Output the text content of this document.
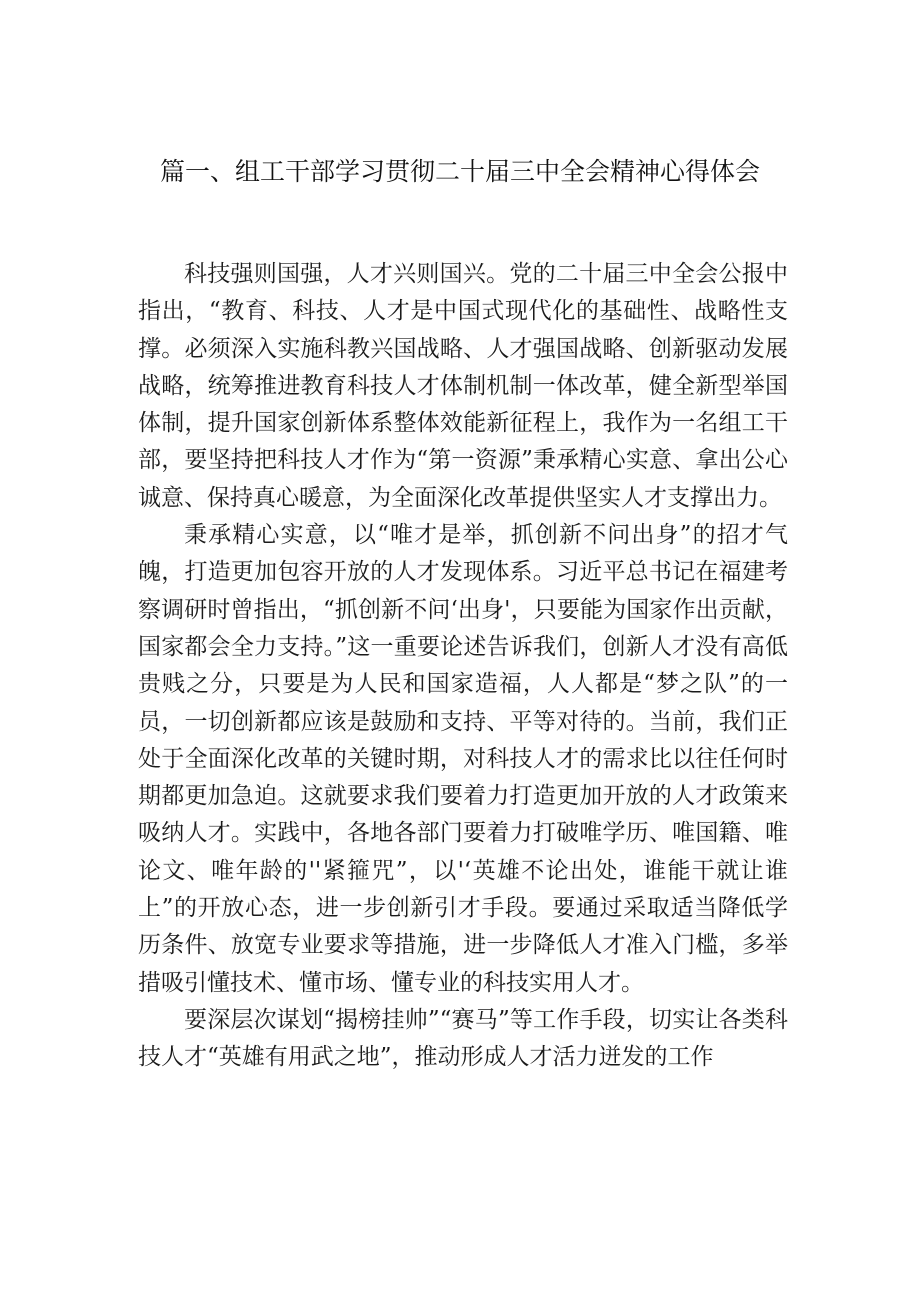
篇一、组工干部学习贯彻二十届三中全会精神心得体会

科技强则国强，人才兴则国兴。党的二十届三中全会公报中指出，“教育、科技、人才是中国式现代化的基础性、战略性支撑。必须深入实施科教兴国战略、人才强国战略、创新驱动发展战略，统筹推进教育科技人才体制机制一体改革，健全新型举国体制，提升国家创新体系整体效能新征程上，我作为一名组工干部，要坚持把科技人才作为“第一资源”秉承精心实意、拿出公心诚意、保持真心暖意，为全面深化改革提供坚实人才支撑出力。

秉承精心实意，以“唯才是举，抓创新不问出身”的招才气魄，打造更加包容开放的人才发现体系。习近平总书记在福建考察调研时曾指出，“抓创新不问‘出身'，只要能为国家作出贡献，国家都会全力支持。”这一重要论述告诉我们，创新人才没有高低贵贱之分，只要是为人民和国家造福，人人都是“梦之队”的一员，一切创新都应该是鼓励和支持、平等对待的。当前，我们正处于全面深化改革的关键时期，对科技人才的需求比以往任何时期都更加急迫。这就要求我们要着力打造更加开放的人才政策来吸纳人才。实践中，各地各部门要着力打破唯学历、唯国籍、唯论文、唯年龄的''紧箍咒”，以'‘英雄不论出处，谁能干就让谁上”的开放心态，进一步创新引才手段。要通过采取适当降低学历条件、放宽专业要求等措施，进一步降低人才准入门槛，多举措吸引懂技术、懂市场、懂专业的科技实用人才。

要深层次谋划“揭榜挂帅”“赛马”等工作手段，切实让各类科技人才“英雄有用武之地”，推动形成人才活力迸发的工作
